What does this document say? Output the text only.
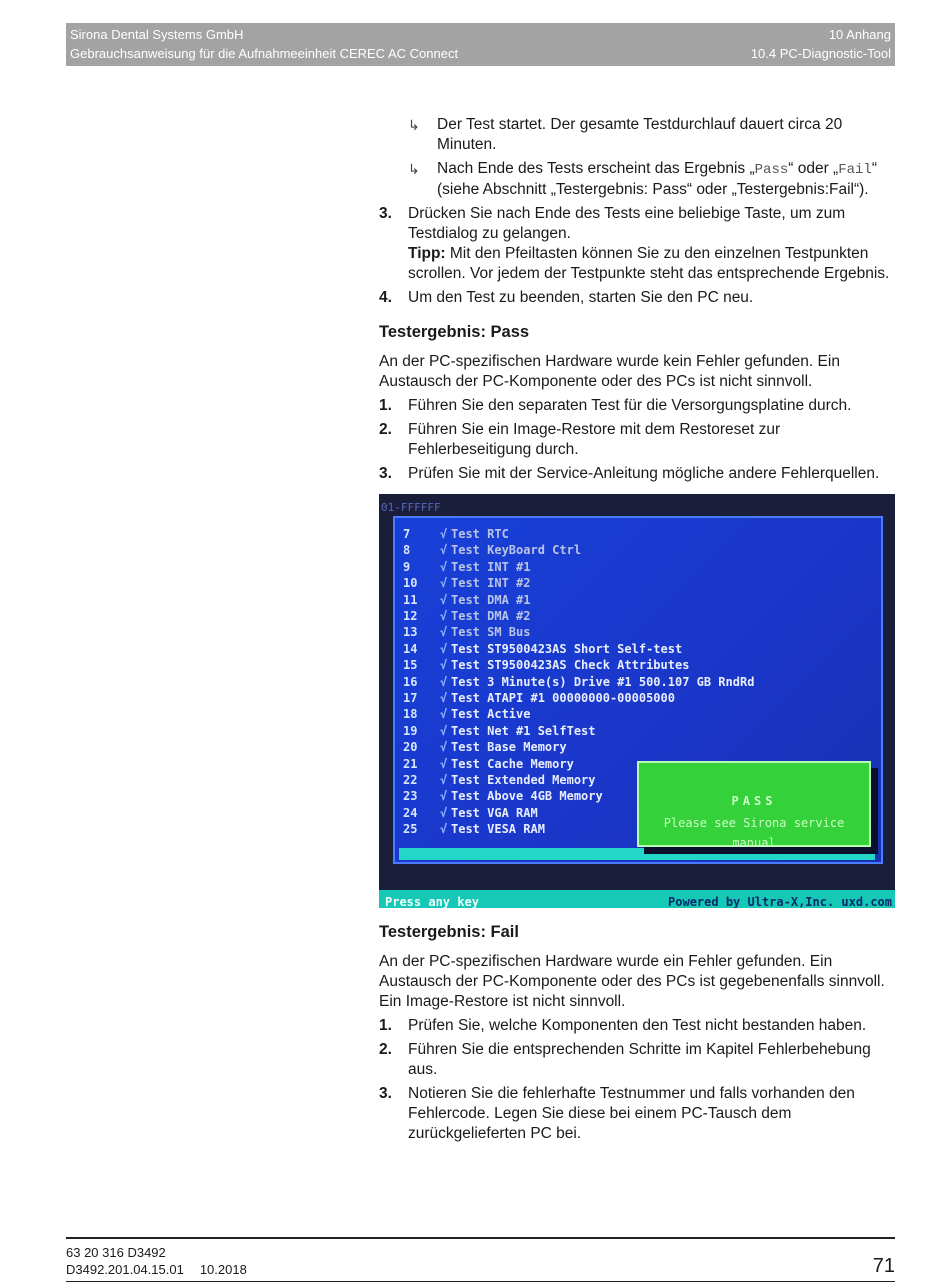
Sirona Dental Systems GmbH
Gebrauchsanweisung für die Aufnahmeeinheit CEREC AC Connect
10 Anhang
10.4 PC-Diagnostic-Tool
↳	Der Test startet. Der gesamte Testdurchlauf dauert circa 20 Minuten.
↳	Nach Ende des Tests erscheint das Ergebnis „Pass“ oder „Fail“ (siehe Abschnitt „Testergebnis: Pass“ oder „Testergebnis:Fail“).
3.	Drücken Sie nach Ende des Tests eine beliebige Taste, um zum Testdialog zu gelangen.
Tipp: Mit den Pfeiltasten können Sie zu den einzelnen Testpunkten scrollen. Vor jedem der Testpunkte steht das entsprechende Ergebnis.
4.	Um den Test zu beenden, starten Sie den PC neu.
Testergebnis: Pass
An der PC-spezifischen Hardware wurde kein Fehler gefunden. Ein Austausch der PC-Komponente oder des PCs ist nicht sinnvoll.
1.	Führen Sie den separaten Test für die Versorgungsplatine durch.
2.	Führen Sie ein Image-Restore mit dem Restoreset zur Fehlerbeseitigung durch.
3.	Prüfen Sie mit der Service-Anleitung mögliche andere Fehlerquellen.
01-FFFFFF
7	√ Test RTC
8	√ Test KeyBoard Ctrl
9	√ Test INT #1
10	√ Test INT #2
11	√ Test DMA #1
12	√ Test DMA #2
13	√ Test SM Bus
14	√ Test ST9500423AS Short Self-test
15	√ Test ST9500423AS Check Attributes
16	√ Test 3 Minute(s) Drive #1 500.107 GB RndRd
17	√ Test ATAPI #1 00000000-00005000
18	√ Test Active
19	√ Test Net #1 SelfTest
20	√ Test Base Memory
21	√ Test Cache Memory
22	√ Test Extended Memory
23	√ Test Above 4GB Memory
24	√ Test VGA RAM
25	√ Test VESA RAM
PASS
Please see Sirona service manual
Press any key	Powered by Ultra-X,Inc. uxd.com
Testergebnis: Fail
An der PC-spezifischen Hardware wurde ein Fehler gefunden. Ein Austausch der PC-Komponente oder des PCs ist gegebenenfalls sinnvoll.
Ein Image-Restore ist nicht sinnvoll.
1.	Prüfen Sie, welche Komponenten den Test nicht bestanden haben.
2.	Führen Sie die entsprechenden Schritte im Kapitel Fehlerbehebung aus.
3.	Notieren Sie die fehlerhafte Testnummer und falls vorhanden den Fehlercode. Legen Sie diese bei einem PC-Tausch dem zurückgelieferten PC bei.
63 20 316 D3492
D3492.201.04.15.01 10.2018	71
